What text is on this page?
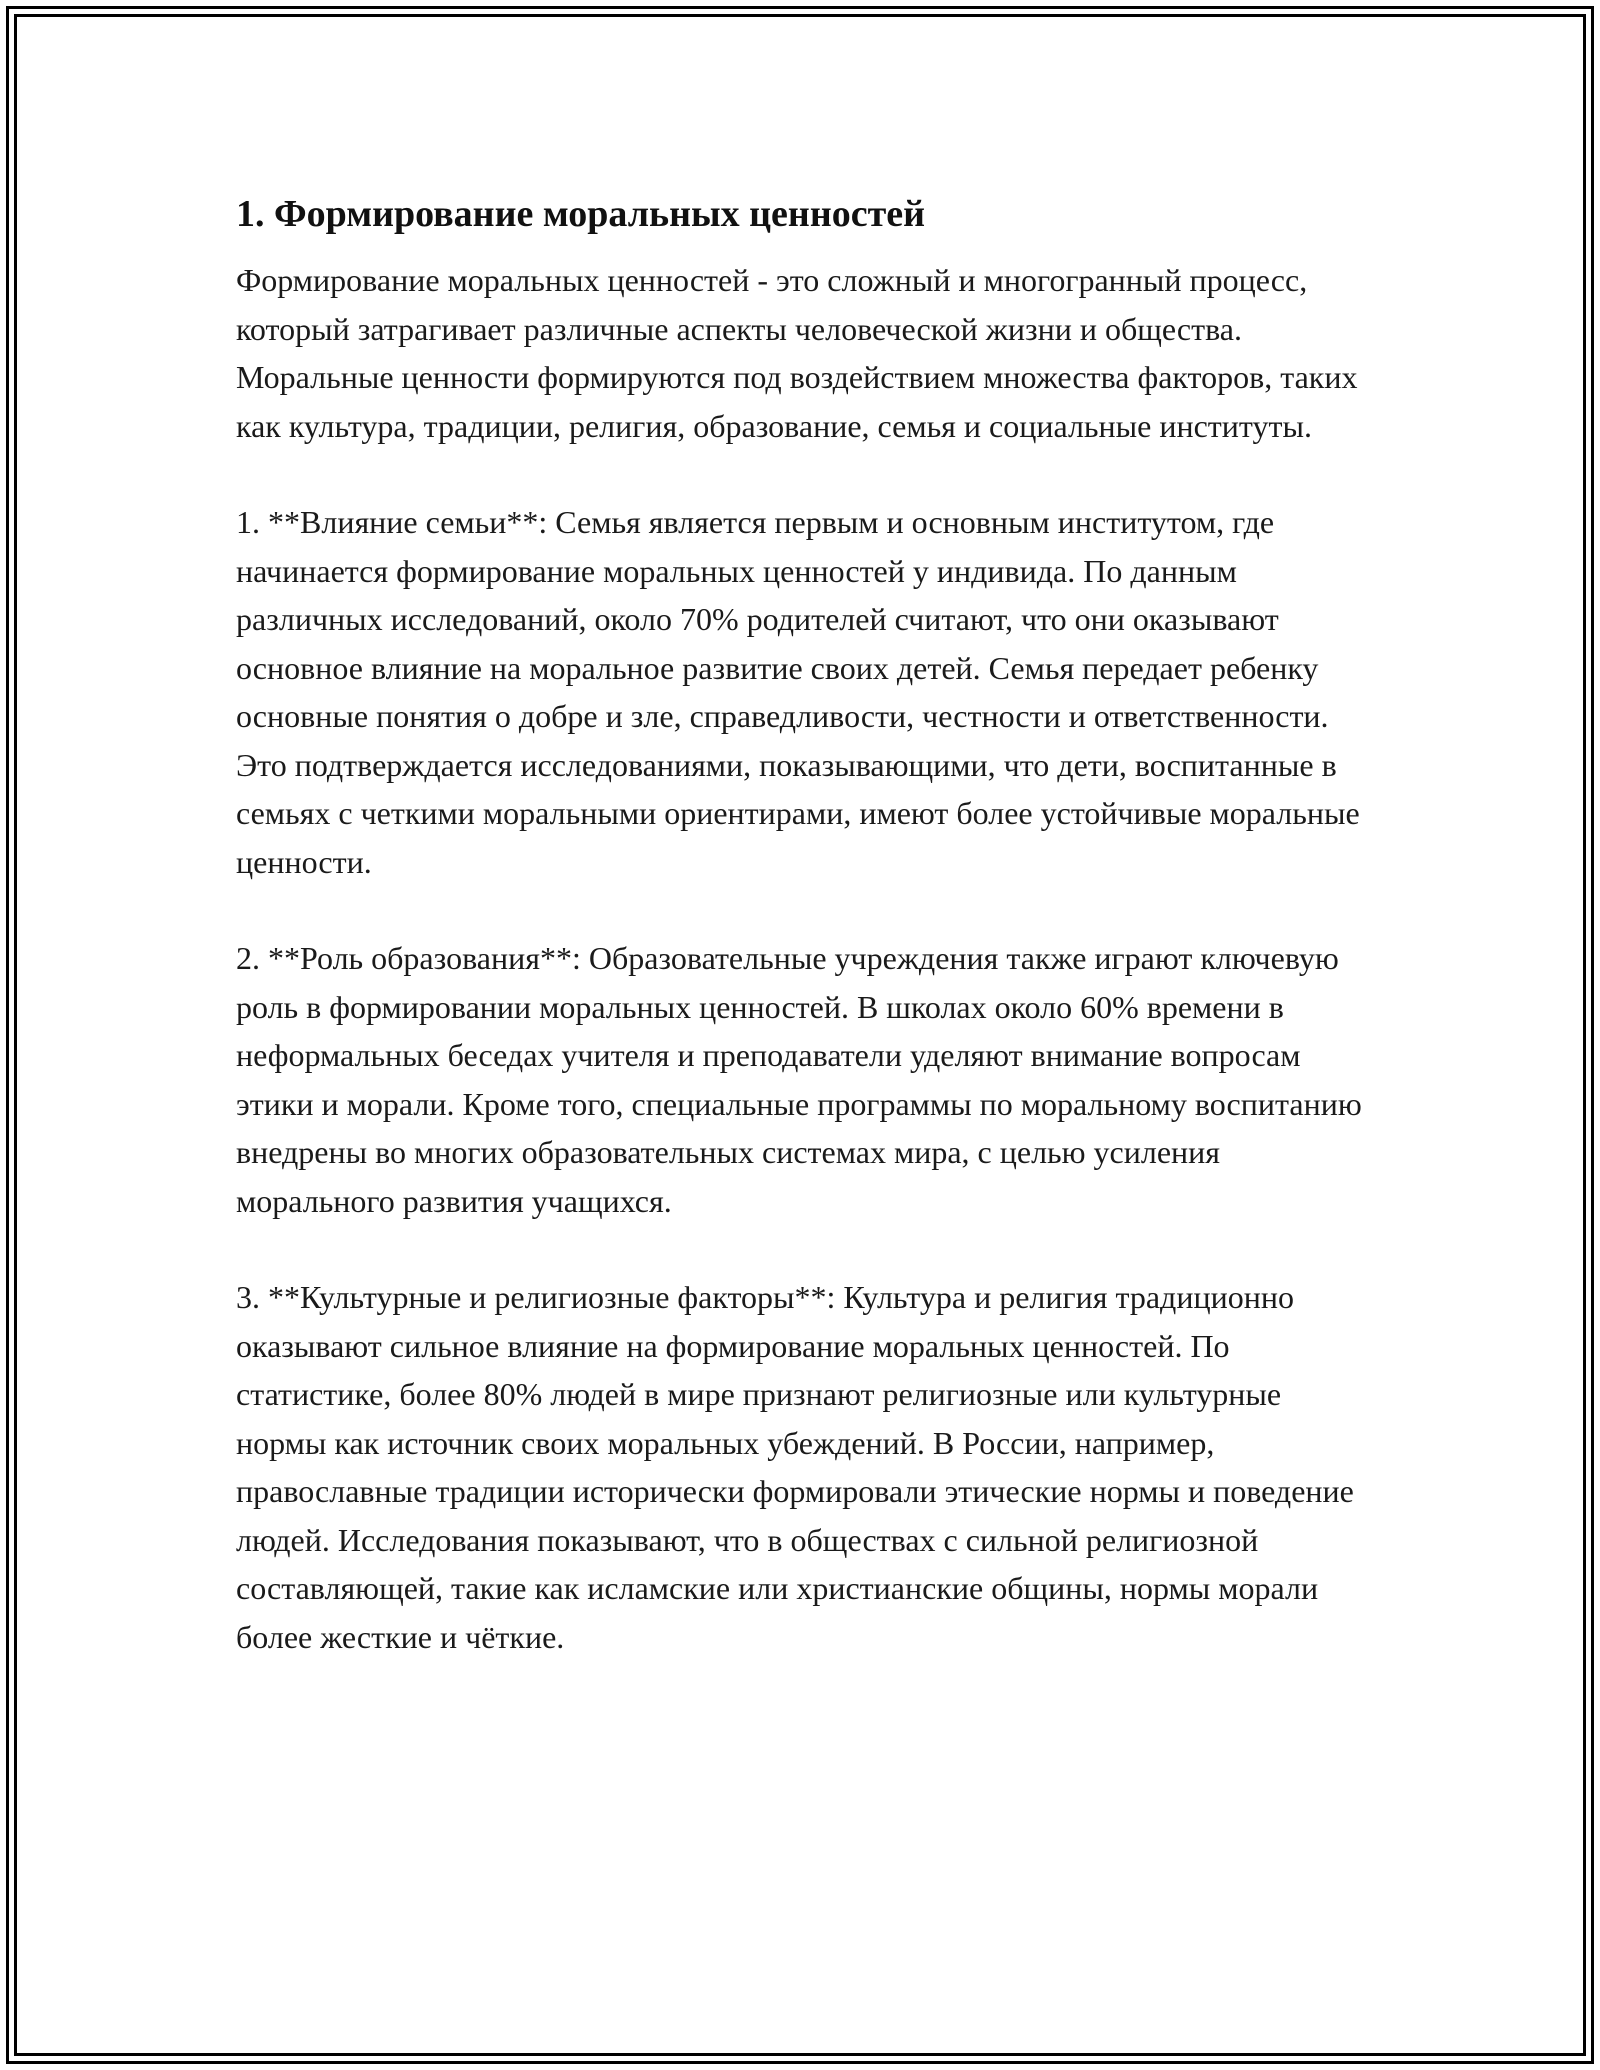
1. Формирование моральных ценностей

Формирование моральных ценностей - это сложный и многогранный процесс, который затрагивает различные аспекты человеческой жизни и общества. Моральные ценности формируются под воздействием множества факторов, таких как культура, традиции, религия, образование, семья и социальные институты.

1. **Влияние семьи**: Семья является первым и основным институтом, где начинается формирование моральных ценностей у индивида. По данным различных исследований, около 70% родителей считают, что они оказывают основное влияние на моральное развитие своих детей. Семья передает ребенку основные понятия о добре и зле, справедливости, честности и ответственности. Это подтверждается исследованиями, показывающими, что дети, воспитанные в семьях с четкими моральными ориентирами, имеют более устойчивые моральные ценности.

2. **Роль образования**: Образовательные учреждения также играют ключевую роль в формировании моральных ценностей. В школах около 60% времени в неформальных беседах учителя и преподаватели уделяют внимание вопросам этики и морали. Кроме того, специальные программы по моральному воспитанию внедрены во многих образовательных системах мира, с целью усиления морального развития учащихся.

3. **Культурные и религиозные факторы**: Культура и религия традиционно оказывают сильное влияние на формирование моральных ценностей. По статистике, более 80% людей в мире признают религиозные или культурные нормы как источник своих моральных убеждений. В России, например, православные традиции исторически формировали этические нормы и поведение людей. Исследования показывают, что в обществах с сильной религиозной составляющей, такие как исламские или христианские общины, нормы морали более жесткие и чёткие.
